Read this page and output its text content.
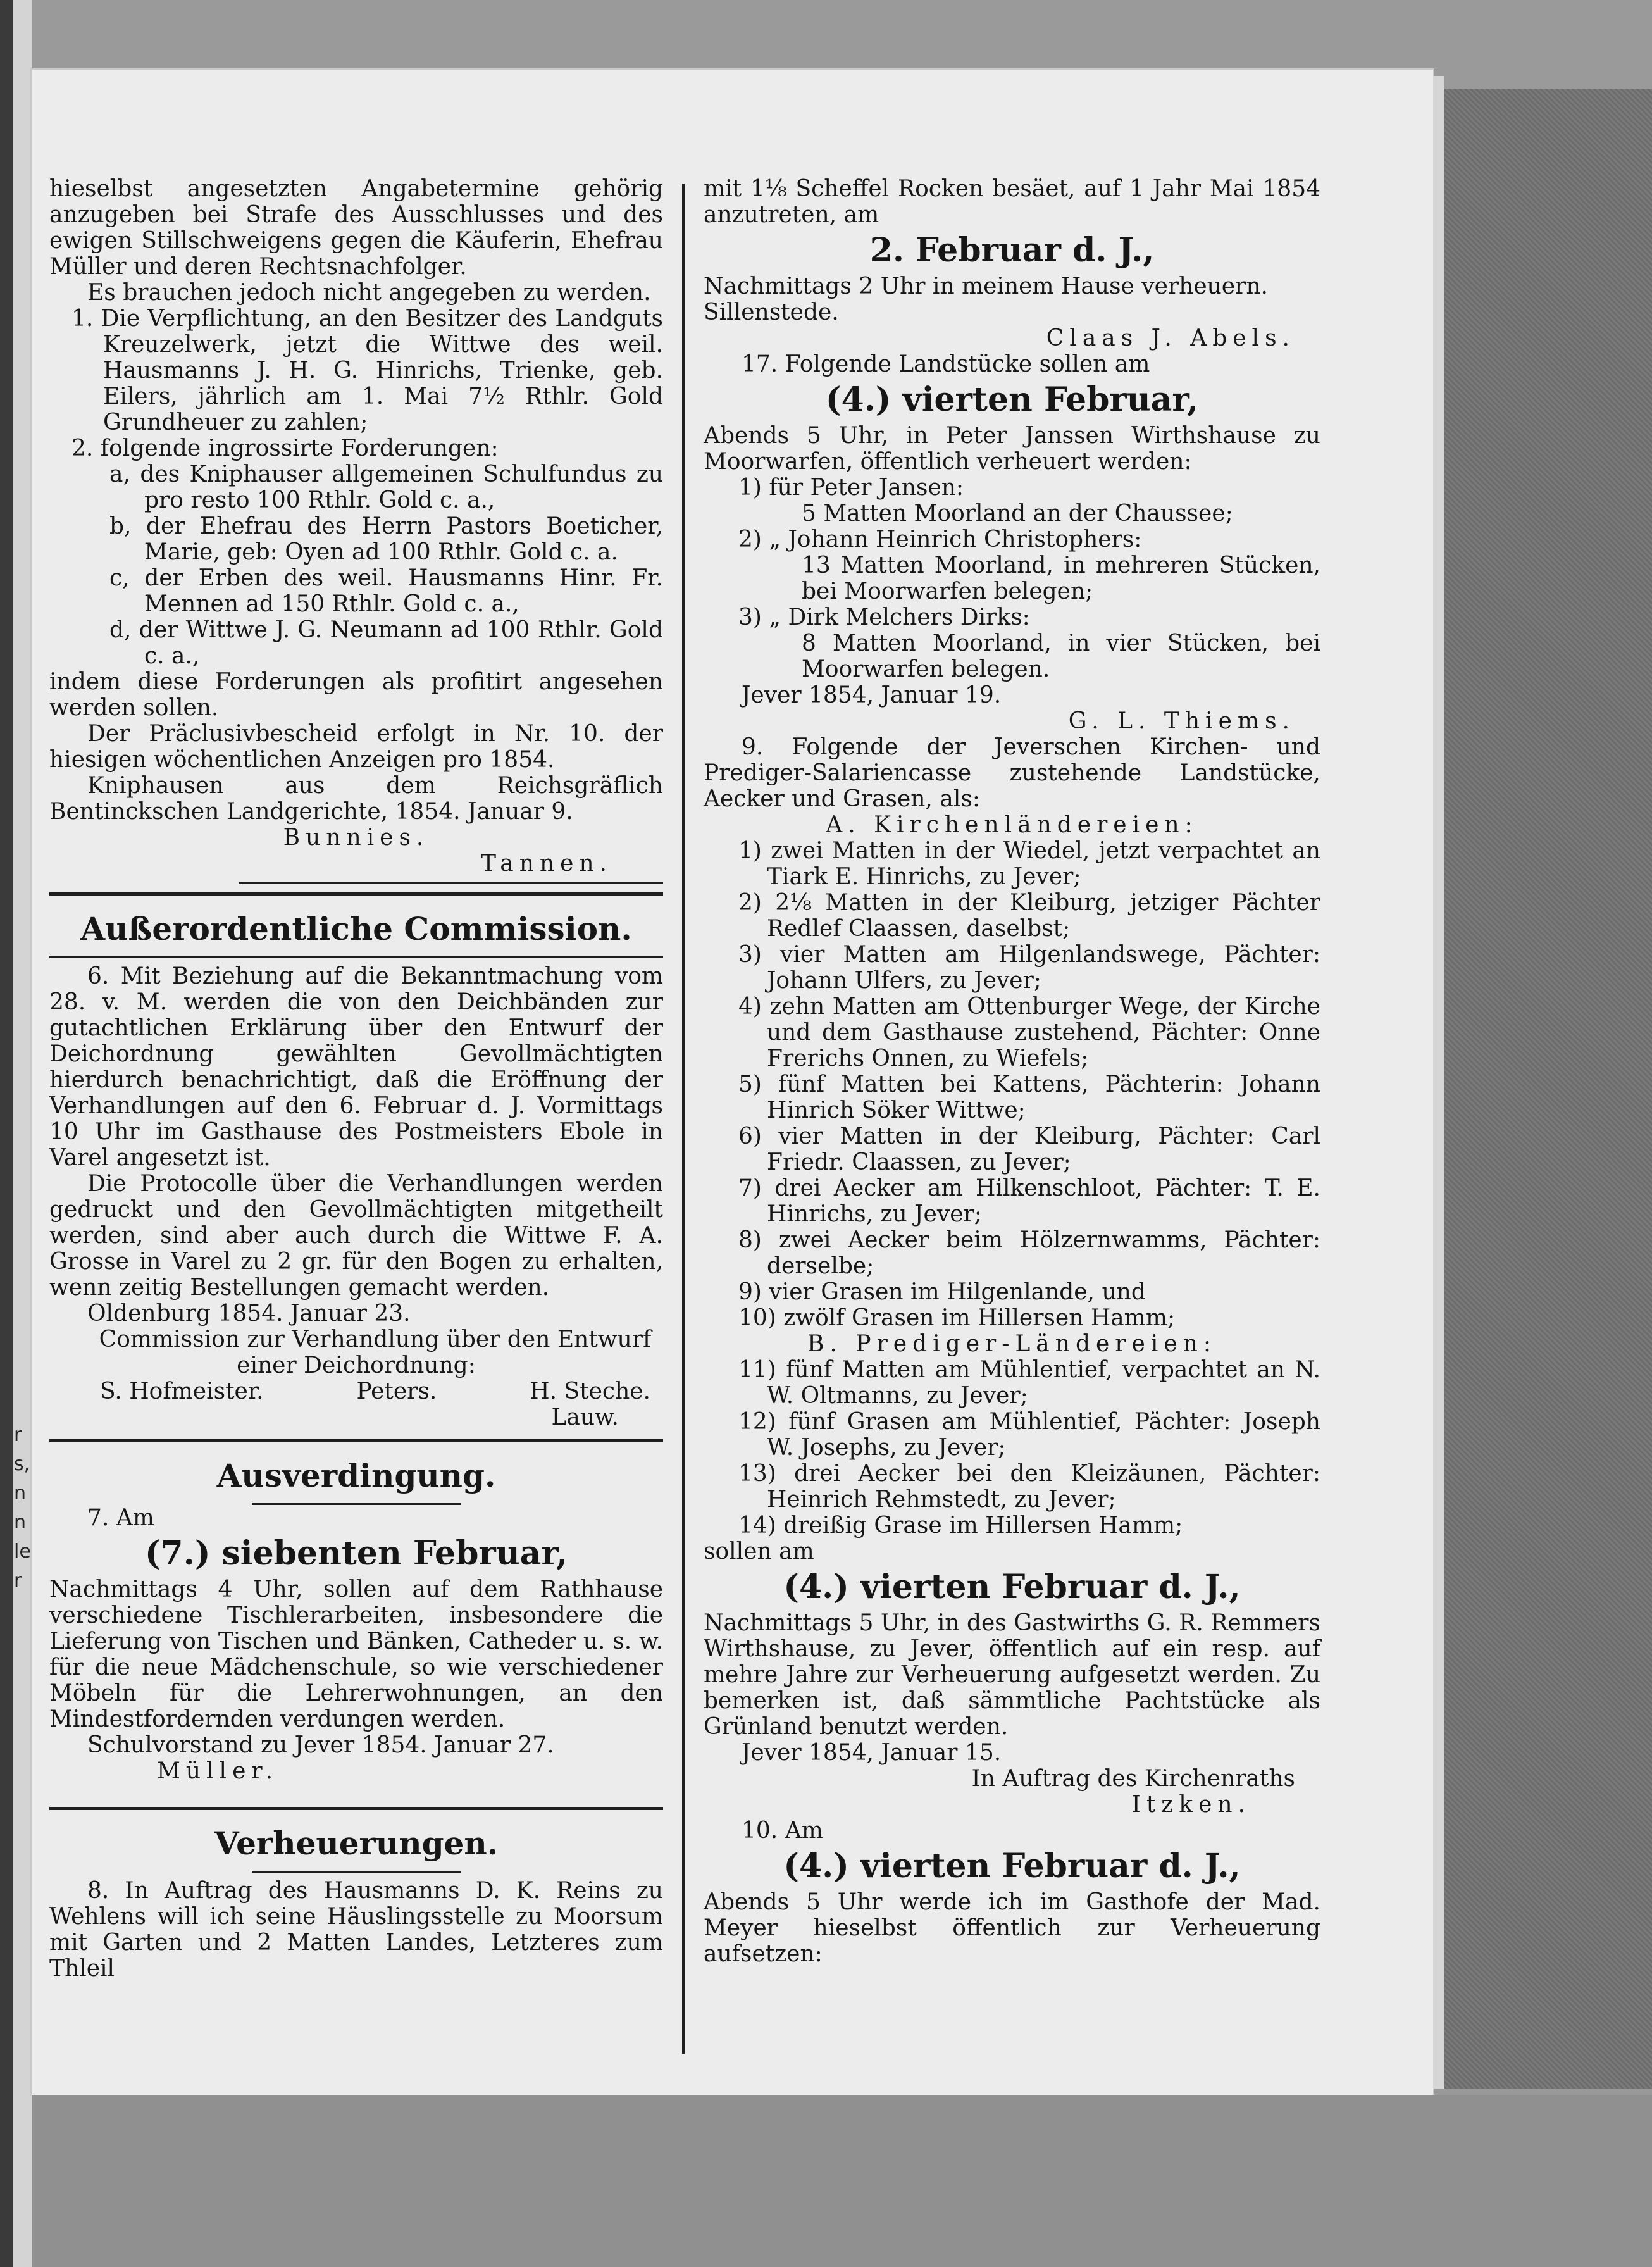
r
s,
n
n
le
r

hieselbst angesetzten Angabetermine gehörig anzugeben bei Strafe des Ausschlusses und des ewigen Stillschweigens gegen die Käuferin, Ehefrau Müller und deren Rechtsnachfolger.

Es brauchen jedoch nicht angegeben zu werden.

1. Die Verpflichtung, an den Besitzer des Landguts Kreuzelwerk, jetzt die Wittwe des weil. Hausmanns J. H. G. Hinrichs, Trienke, geb. Eilers, jährlich am 1. Mai 7½ Rthlr. Gold Grundheuer zu zahlen;

2. folgende ingrossirte Forderungen:

a, des Kniphauser allgemeinen Schulfundus zu pro resto 100 Rthlr. Gold c. a.,

b, der Ehefrau des Herrn Pastors Boeticher, Marie, geb: Oyen ad 100 Rthlr. Gold c. a.

c, der Erben des weil. Hausmanns Hinr. Fr. Mennen ad 150 Rthlr. Gold c. a.,

d, der Wittwe J. G. Neumann ad 100 Rthlr. Gold c. a.,

indem diese Forderungen als profitirt angesehen werden sollen.

Der Präclusivbescheid erfolgt in Nr. 10. der hiesigen wöchentlichen Anzeigen pro 1854.

Kniphausen aus dem Reichsgräflich Bentinckschen Landgerichte, 1854. Januar 9.

Bunnies.

Tannen.

Außerordentliche Commission.

6. Mit Beziehung auf die Bekanntmachung vom 28. v. M. werden die von den Deichbänden zur gutachtlichen Erklärung über den Entwurf der Deichordnung gewählten Gevollmächtigten hierdurch benachrichtigt, daß die Eröffnung der Verhandlungen auf den 6. Februar d. J. Vormittags 10 Uhr im Gasthause des Postmeisters Ebole in Varel angesetzt ist.

Die Protocolle über die Verhandlungen werden gedruckt und den Gevollmächtigten mitgetheilt werden, sind aber auch durch die Wittwe F. A. Grosse in Varel zu 2 gr. für den Bogen zu erhalten, wenn zeitig Bestellungen gemacht werden.

Oldenburg 1854. Januar 23.

Commission zur Verhandlung über den Entwurf einer Deichordnung:

S. Hofmeister.	Peters.	H. Steche.

Lauw.

Ausverdingung.

7. Am

(7.) siebenten Februar,

Nachmittags 4 Uhr, sollen auf dem Rathhause verschiedene Tischlerarbeiten, insbesondere die Lieferung von Tischen und Bänken, Catheder u. s. w. für die neue Mädchenschule, so wie verschiedener Möbeln für die Lehrerwohnungen, an den Mindestfordernden verdungen werden.

Schulvorstand zu Jever 1854. Januar 27.

Müller.

Verheuerungen.

8. In Auftrag des Hausmanns D. K. Reins zu Wehlens will ich seine Häuslingsstelle zu Moorsum mit Garten und 2 Matten Landes, Letzteres zum Thleil

mit 1⅛ Scheffel Rocken besäet, auf 1 Jahr Mai 1854 anzutreten, am

2. Februar d. J.,

Nachmittags 2 Uhr in meinem Hause verheuern.

Sillenstede.

Claas J. Abels.

17. Folgende Landstücke sollen am

(4.) vierten Februar,

Abends 5 Uhr, in Peter Janssen Wirthshause zu Moorwarfen, öffentlich verheuert werden:

1) für Peter Jansen:

5 Matten Moorland an der Chaussee;

2) „ Johann Heinrich Christophers:

13 Matten Moorland, in mehreren Stücken, bei Moorwarfen belegen;

3) „ Dirk Melchers Dirks:

8 Matten Moorland, in vier Stücken, bei Moorwarfen belegen.

Jever 1854, Januar 19.

G. L. Thiems.

9. Folgende der Jeverschen Kirchen- und Prediger-Salariencasse zustehende Landstücke, Aecker und Grasen, als:

A. Kirchenländereien:

1) zwei Matten in der Wiedel, jetzt verpachtet an Tiark E. Hinrichs, zu Jever;

2) 2⅛ Matten in der Kleiburg, jetziger Pächter Redlef Claassen, daselbst;

3) vier Matten am Hilgenlandswege, Pächter: Johann Ulfers, zu Jever;

4) zehn Matten am Ottenburger Wege, der Kirche und dem Gasthause zustehend, Pächter: Onne Frerichs Onnen, zu Wiefels;

5) fünf Matten bei Kattens, Pächterin: Johann Hinrich Söker Wittwe;

6) vier Matten in der Kleiburg, Pächter: Carl Friedr. Claassen, zu Jever;

7) drei Aecker am Hilkenschloot, Pächter: T. E. Hinrichs, zu Jever;

8) zwei Aecker beim Hölzernwamms, Pächter: derselbe;

9) vier Grasen im Hilgenlande, und

10) zwölf Grasen im Hillersen Hamm;

B. Prediger-Ländereien:

11) fünf Matten am Mühlentief, verpachtet an N. W. Oltmanns, zu Jever;

12) fünf Grasen am Mühlentief, Pächter: Joseph W. Josephs, zu Jever;

13) drei Aecker bei den Kleizäunen, Pächter: Heinrich Rehmstedt, zu Jever;

14) dreißig Grase im Hillersen Hamm;

sollen am

(4.) vierten Februar d. J.,

Nachmittags 5 Uhr, in des Gastwirths G. R. Remmers Wirthshause, zu Jever, öffentlich auf ein resp. auf mehre Jahre zur Verheuerung aufgesetzt werden. Zu bemerken ist, daß sämmtliche Pachtstücke als Grünland benutzt werden.

Jever 1854, Januar 15.

In Auftrag des Kirchenraths

Itzken.

10. Am

(4.) vierten Februar d. J.,

Abends 5 Uhr werde ich im Gasthofe der Mad. Meyer hieselbst öffentlich zur Verheuerung aufsetzen:
